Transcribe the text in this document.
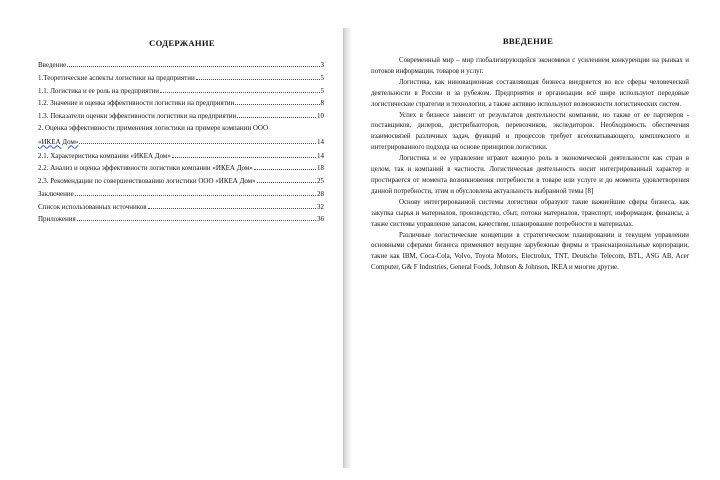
СОДЕРЖАНИЕ
Введение	3
1.Теоретические аспекты логистики на предприятии	5
1.1. Логистика и ее роль на предприятии	5
1.2. Значение и оценка эффективности логистики на предприятии	8
1.3. Показатели оценки эффективности логистики на предприятии	10
2. Оценка эффективности применения логистики на примере компании ООО
«ИКЕА Дом»	14
2.1. Характеристика компании «ИКЕА Дом»	14
2.2. Анализ и оценка эффективности логистики компании «ИКЕА Дом»	18
2.3. Рекомендации по совершенствованию логистики ООО «ИКЕА Дом»	25
Заключение	28
Список использованных источников	32
Приложения	36
ВВЕДЕНИЕ

Современный мир – мир глобализирующейся экономики с усилением конкуренции на рынках и потоков информации, товаров и услуг.

Логистика, как инновационная составляющая бизнеса внедряется во все сферы человеческой деятельности в России и за рубежом. Предприятия и организации всё шире используют передовые логистические стратегии и технологии, а также активно используют возможности логистических систем.

Успех в бизнесе зависит от результатов деятельности компании, но также от ее партнеров - поставщиков, дилеров, дистрибьюторов, перевозчиков, экспедиторов. Необходимость обеспечения взаимосвязей различных задач, функций и процессов требует всеохватывающего, комплексного и интегрированного подхода на основе принципов логистики.

Логистика и ее управление играют важную роль в экономической деятельности как стран в целом, так и компаний в частности. Логистическая деятельность носит интегрированный характер и простирается от момента возникновения потребности в товаре или услуге и до момента удовлетворения данной потребности, этим и обусловлена актуальность выбранной темы [8]

Основу интегрированной системы логистики образуют такие важнейшие сферы бизнеса, как закупка сырья и материалов, производство, сбыт, потоки материалов, транспорт, информация, финансы, а также системы управление запасом, качеством, планирование потребности в материалах.

Различные логистические концепции в стратегическом планировании и текущем управлении основными сферами бизнеса применяют ведущие зарубежные фирмы и транснациональные корпорации, такие как IBM, Coca-Cola, Volvo, Toyota Motors, Electrolux, TNT, Deutsche Telecom, BTL, ASG AB, Acer Computer, G& F Industries, General Foods, Johnson & Johnson, IKEA и многие другие.
